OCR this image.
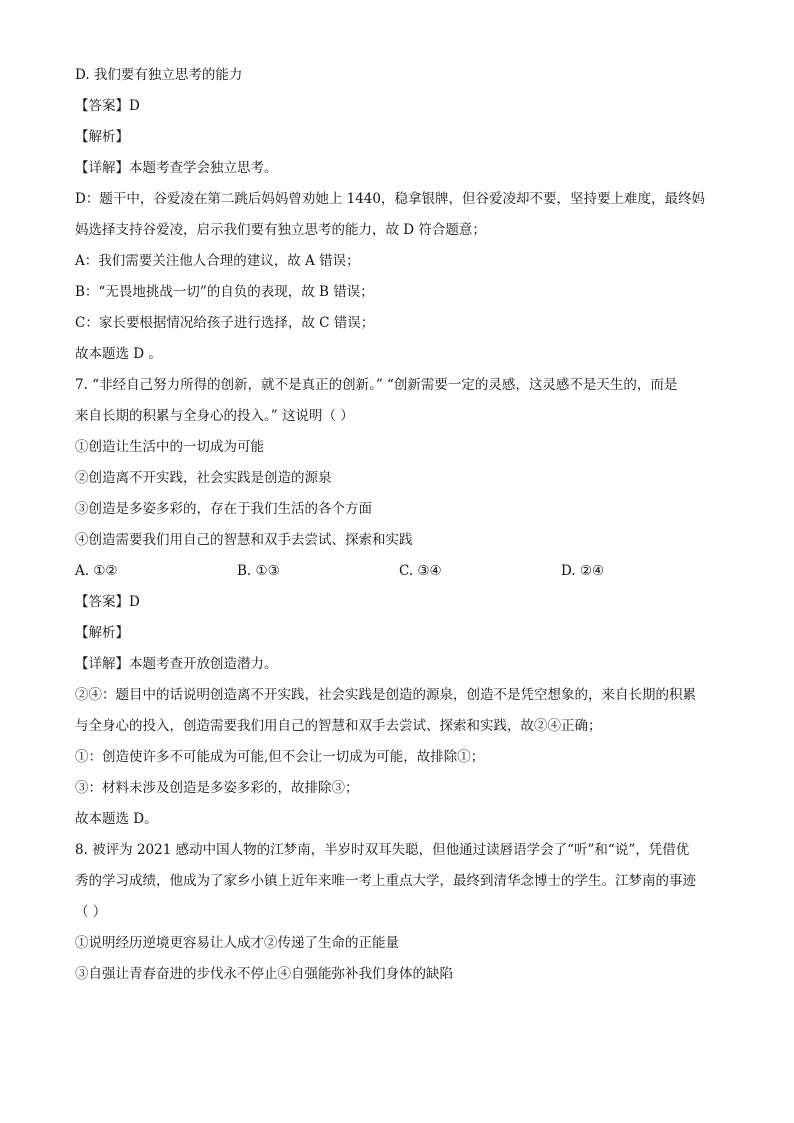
D. 我们要有独立思考的能力
【答案】D
【解析】
【详解】本题考查学会独立思考。
D：题干中，谷爱凌在第二跳后妈妈曾劝她上 1440，稳拿银牌，但谷爱凌却不要，坚持要上难度，最终妈
妈选择支持谷爱凌，启示我们要有独立思考的能力，故 D 符合题意；
A：我们需要关注他人合理的建议，故 A 错误；
B：“无畏地挑战一切”的自负的表现，故 B 错误；
C：家长要根据情况给孩子进行选择，故 C 错误；
故本题选 D 。
7. “非经自己努力所得的创新，就不是真正的创新。” “创新需要一定的灵感，这灵感不是天生的，而是
来自长期的积累与全身心的投入。” 这说明（ ）
①创造让生活中的一切成为可能
②创造离不开实践，社会实践是创造的源泉
③创造是多姿多彩的，存在于我们生活的各个方面
④创造需要我们用自己的智慧和双手去尝试、探索和实践
A. ①②	B. ①③	C. ③④	D. ②④
【答案】D
【解析】
【详解】本题考查开放创造潜力。
②④：题目中的话说明创造离不开实践，社会实践是创造的源泉，创造不是凭空想象的，来自长期的积累
与全身心的投入，创造需要我们用自己的智慧和双手去尝试、探索和实践，故②④正确；
①：创造使许多不可能成为可能,但不会让一切成为可能，故排除①；
③：材料未涉及创造是多姿多彩的，故排除③；
故本题选 D。
8. 被评为 2021 感动中国人物的江梦南，半岁时双耳失聪，但他通过读唇语学会了“听”和“说”，凭借优
秀的学习成绩，他成为了家乡小镇上近年来唯一考上重点大学，最终到清华念博士的学生。江梦南的事迹
（ ）
①说明经历逆境更容易让人成才②传递了生命的正能量
③自强让青春奋进的步伐永不停止④自强能弥补我们身体的缺陷
